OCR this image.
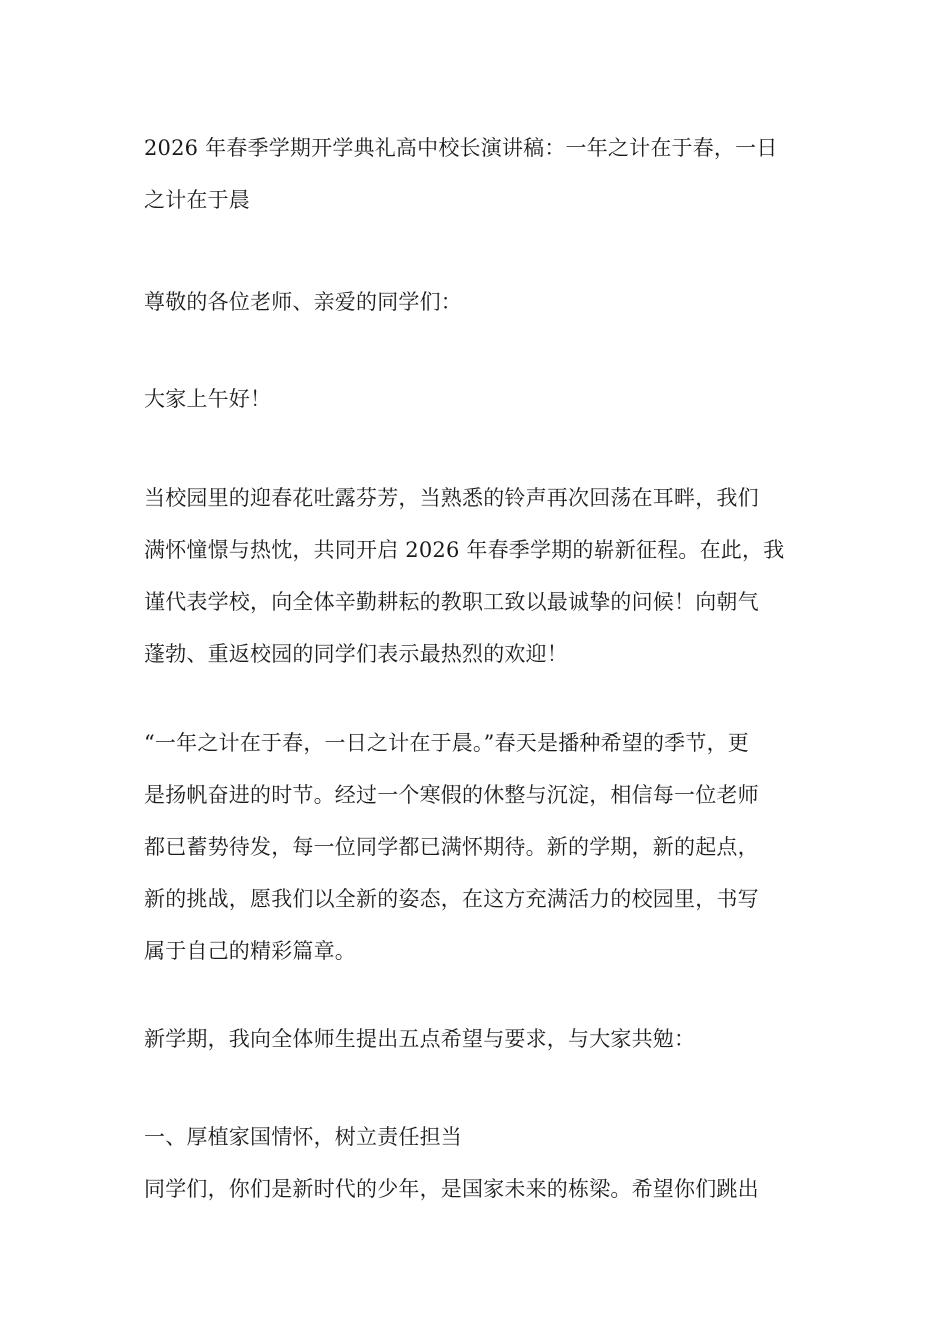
2026 年春季学期开学典礼高中校长演讲稿：一年之计在于春，一日
之计在于晨
尊敬的各位老师、亲爱的同学们：
大家上午好！
当校园里的迎春花吐露芬芳，当熟悉的铃声再次回荡在耳畔，我们
满怀憧憬与热忱，共同开启 2026 年春季学期的崭新征程。在此，我
谨代表学校，向全体辛勤耕耘的教职工致以最诚挚的问候！向朝气
蓬勃、重返校园的同学们表示最热烈的欢迎！
“一年之计在于春，一日之计在于晨。”春天是播种希望的季节，更
是扬帆奋进的时节。经过一个寒假的休整与沉淀，相信每一位老师
都已蓄势待发，每一位同学都已满怀期待。新的学期，新的起点，
新的挑战，愿我们以全新的姿态，在这方充满活力的校园里，书写
属于自己的精彩篇章。
新学期，我向全体师生提出五点希望与要求，与大家共勉：
一、厚植家国情怀，树立责任担当
同学们，你们是新时代的少年，是国家未来的栋梁。希望你们跳出
